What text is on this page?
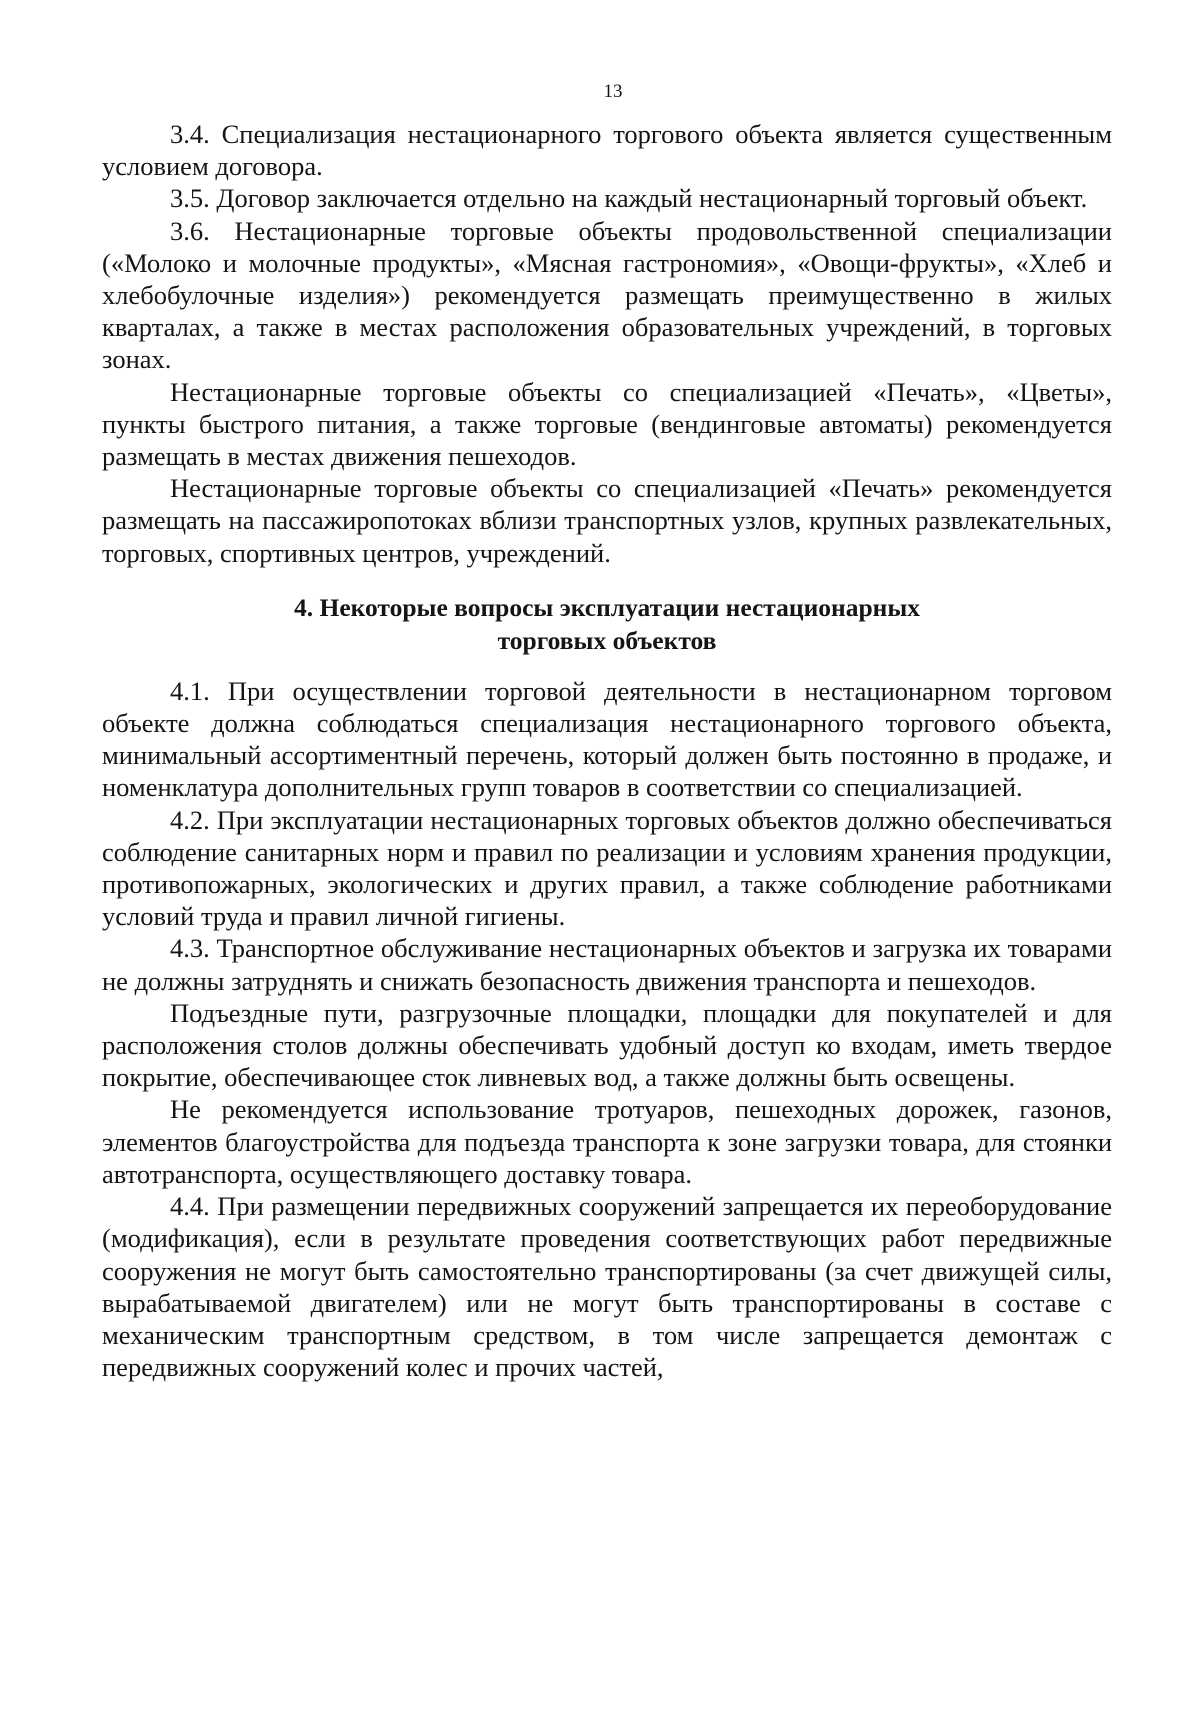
13

3.4. Специализация нестационарного торгового объекта является существенным условием договора.

3.5. Договор заключается отдельно на каждый нестационарный торговый объект.

3.6. Нестационарные торговые объекты продовольственной специализации («Молоко и молочные продукты», «Мясная гастрономия», «Овощи-фрукты», «Хлеб и хлебобулочные изделия») рекомендуется размещать преимущественно в жилых кварталах, а также в местах расположения образовательных учреждений, в торговых зонах.

Нестационарные торговые объекты со специализацией «Печать», «Цветы», пункты быстрого питания, а также торговые (вендинговые автоматы) рекомендуется размещать в местах движения пешеходов.

Нестационарные торговые объекты со специализацией «Печать» рекомендуется размещать на пассажиропотоках вблизи транспортных узлов, крупных развлекательных, торговых, спортивных центров, учреждений.

4. Некоторые вопросы эксплуатации нестационарных торговых объектов

4.1. При осуществлении торговой деятельности в нестационарном торговом объекте должна соблюдаться специализация нестационарного торгового объекта, минимальный ассортиментный перечень, который должен быть постоянно в продаже, и номенклатура дополнительных групп товаров в соответствии со специализацией.

4.2. При эксплуатации нестационарных торговых объектов должно обеспечиваться соблюдение санитарных норм и правил по реализации и условиям хранения продукции, противопожарных, экологических и других правил, а также соблюдение работниками условий труда и правил личной гигиены.

4.3. Транспортное обслуживание нестационарных объектов и загрузка их товарами не должны затруднять и снижать безопасность движения транспорта и пешеходов.

Подъездные пути, разгрузочные площадки, площадки для покупателей и для расположения столов должны обеспечивать удобный доступ ко входам, иметь твердое покрытие, обеспечивающее сток ливневых вод, а также должны быть освещены.

Не рекомендуется использование тротуаров, пешеходных дорожек, газонов, элементов благоустройства для подъезда транспорта к зоне загрузки товара, для стоянки автотранспорта, осуществляющего доставку товара.

4.4. При размещении передвижных сооружений запрещается их переоборудование (модификация), если в результате проведения соответствующих работ передвижные сооружения не могут быть самостоятельно транспортированы (за счет движущей силы, вырабатываемой двигателем) или не могут быть транспортированы в составе с механическим транспортным средством, в том числе запрещается демонтаж с передвижных сооружений колес и прочих частей,
